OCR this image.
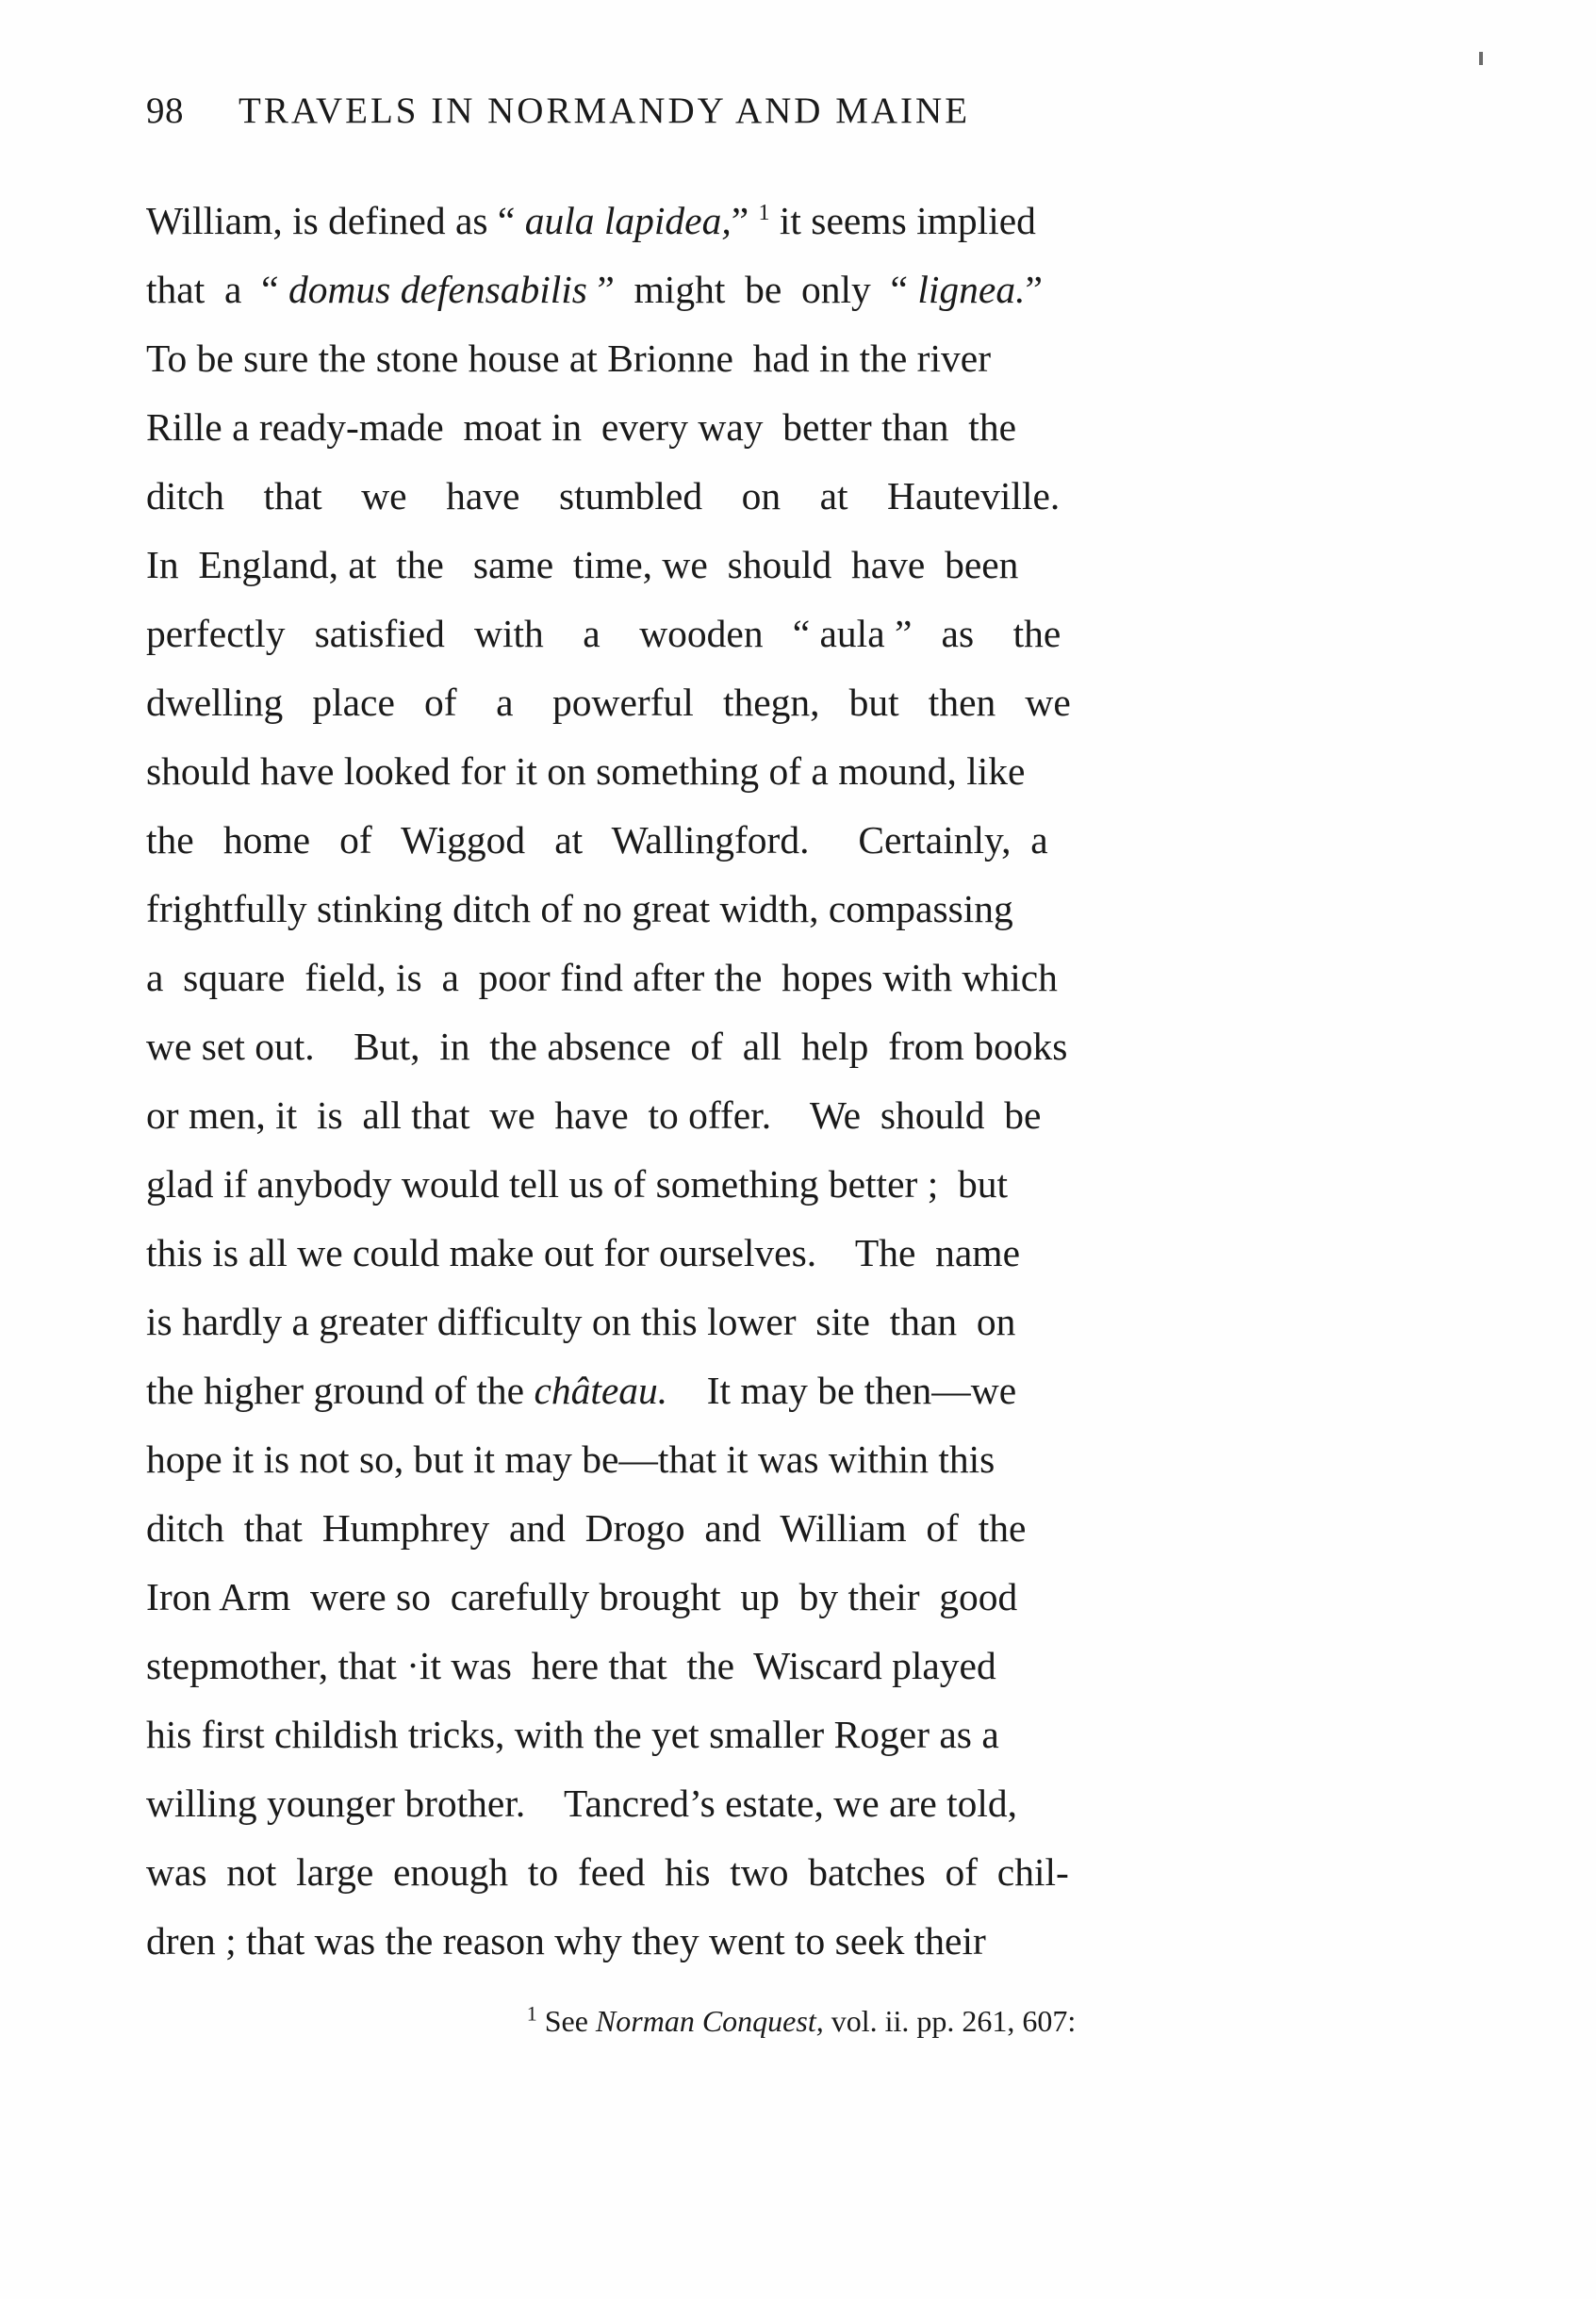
98 TRAVELS IN NORMANDY AND MAINE

William, is defined as “ aula lapidea,” $^1$ it seems implied
that  a  “ domus defensabilis ”  might  be  only  “ lignea.”
To be sure the stone house at Brionne  had in the river
Rille a ready-made  moat in  every way  better than  the
ditch    that    we    have    stumbled    on    at    Hauteville.
In  England, at  the   same  time, we  should  have  been
perfectly   satisfied   with    a    wooden   “ aula ”   as    the
dwelling   place   of    a    powerful   thegn,   but   then   we
should have looked for it on something of a mound, like
the   home   of   Wiggod   at   Wallingford.     Certainly,  a
frightfully stinking ditch of no great width, compassing
a  square  field, is  a  poor find after the  hopes with which
we set out.    But,  in  the absence  of  all  help  from books
or men, it  is  all that  we  have  to offer.    We  should  be
glad if anybody would tell us of something better ;  but
this is all we could make out for ourselves.    The  name
is hardly a greater difficulty on this lower  site  than  on
the higher ground of the château.    It may be then—we
hope it is not so, but it may be—that it was within this
ditch  that  Humphrey  and  Drogo  and  William  of  the
Iron Arm  were so  carefully brought  up  by their  good
stepmother, that ·it was  here that  the  Wiscard played
his first childish tricks, with the yet smaller Roger as a
willing younger brother.    Tancred’s estate, we are told,
was  not  large  enough  to  feed  his  two  batches  of  chil-
dren ; that was the reason why they went to seek their

$^1$ See Norman Conquest, vol. ii. pp. 261, 607:
